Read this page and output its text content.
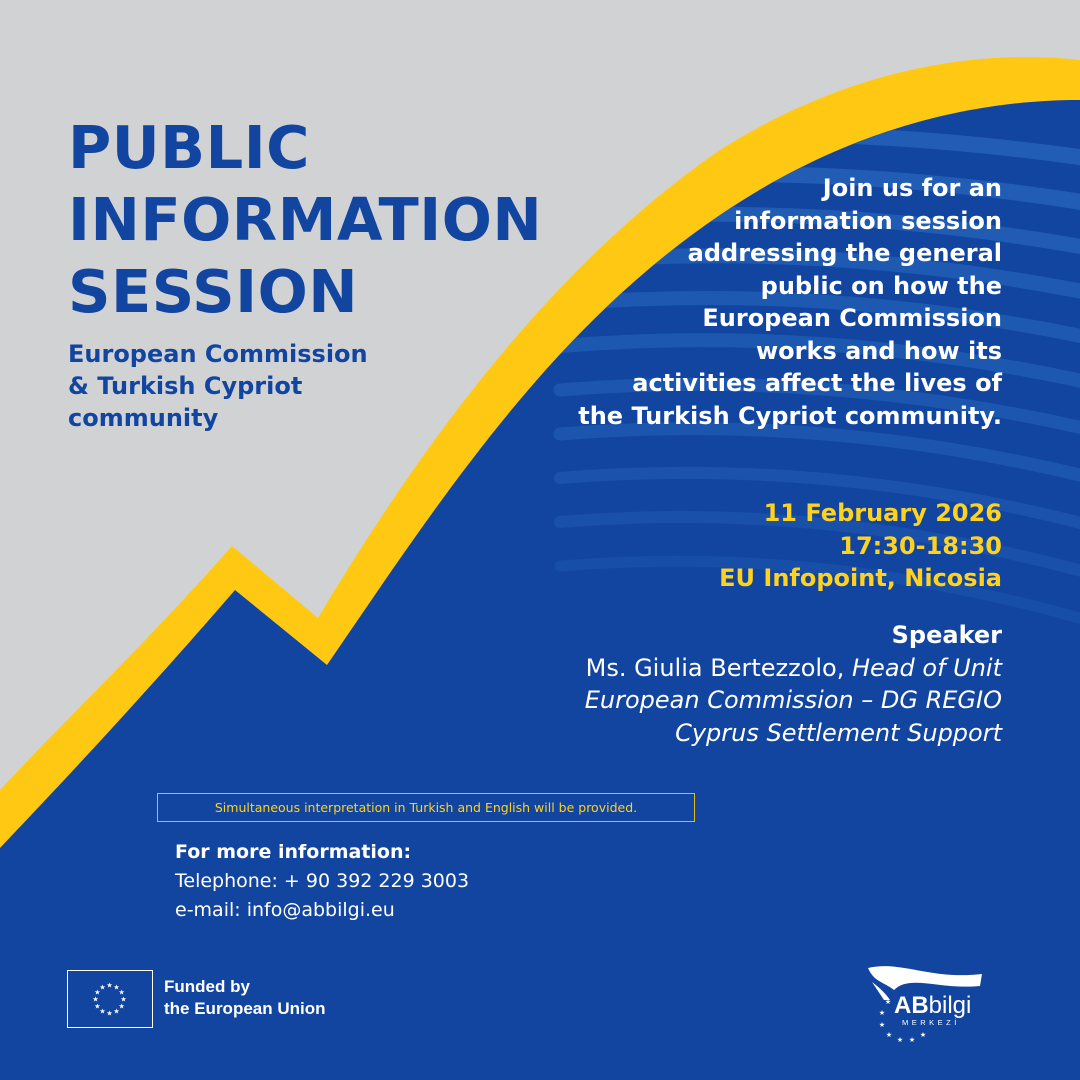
PUBLIC
INFORMATION
SESSION
European Commission
& Turkish Cypriot
community
Join us for an
information session
addressing the general
public on how the
European Commission
works and how its
activities affect the lives of
the Turkish Cypriot community.
11 February 2026
17:30-18:30
EU Infopoint, Nicosia
Speaker
Ms. Giulia Bertezzolo, Head of Unit
European Commission – DG REGIO
Cyprus Settlement Support
Simultaneous interpretation in Turkish and English will be provided.
For more information:
Telephone: + 90 392 229 3003
e-mail: info@abbilgi.eu
★ ★
★
★
★
★
★
★
★
★
★
★	Funded by
the European Union	★
★
★
★
★ ★
★
ABbilgi
MERKEZİ
